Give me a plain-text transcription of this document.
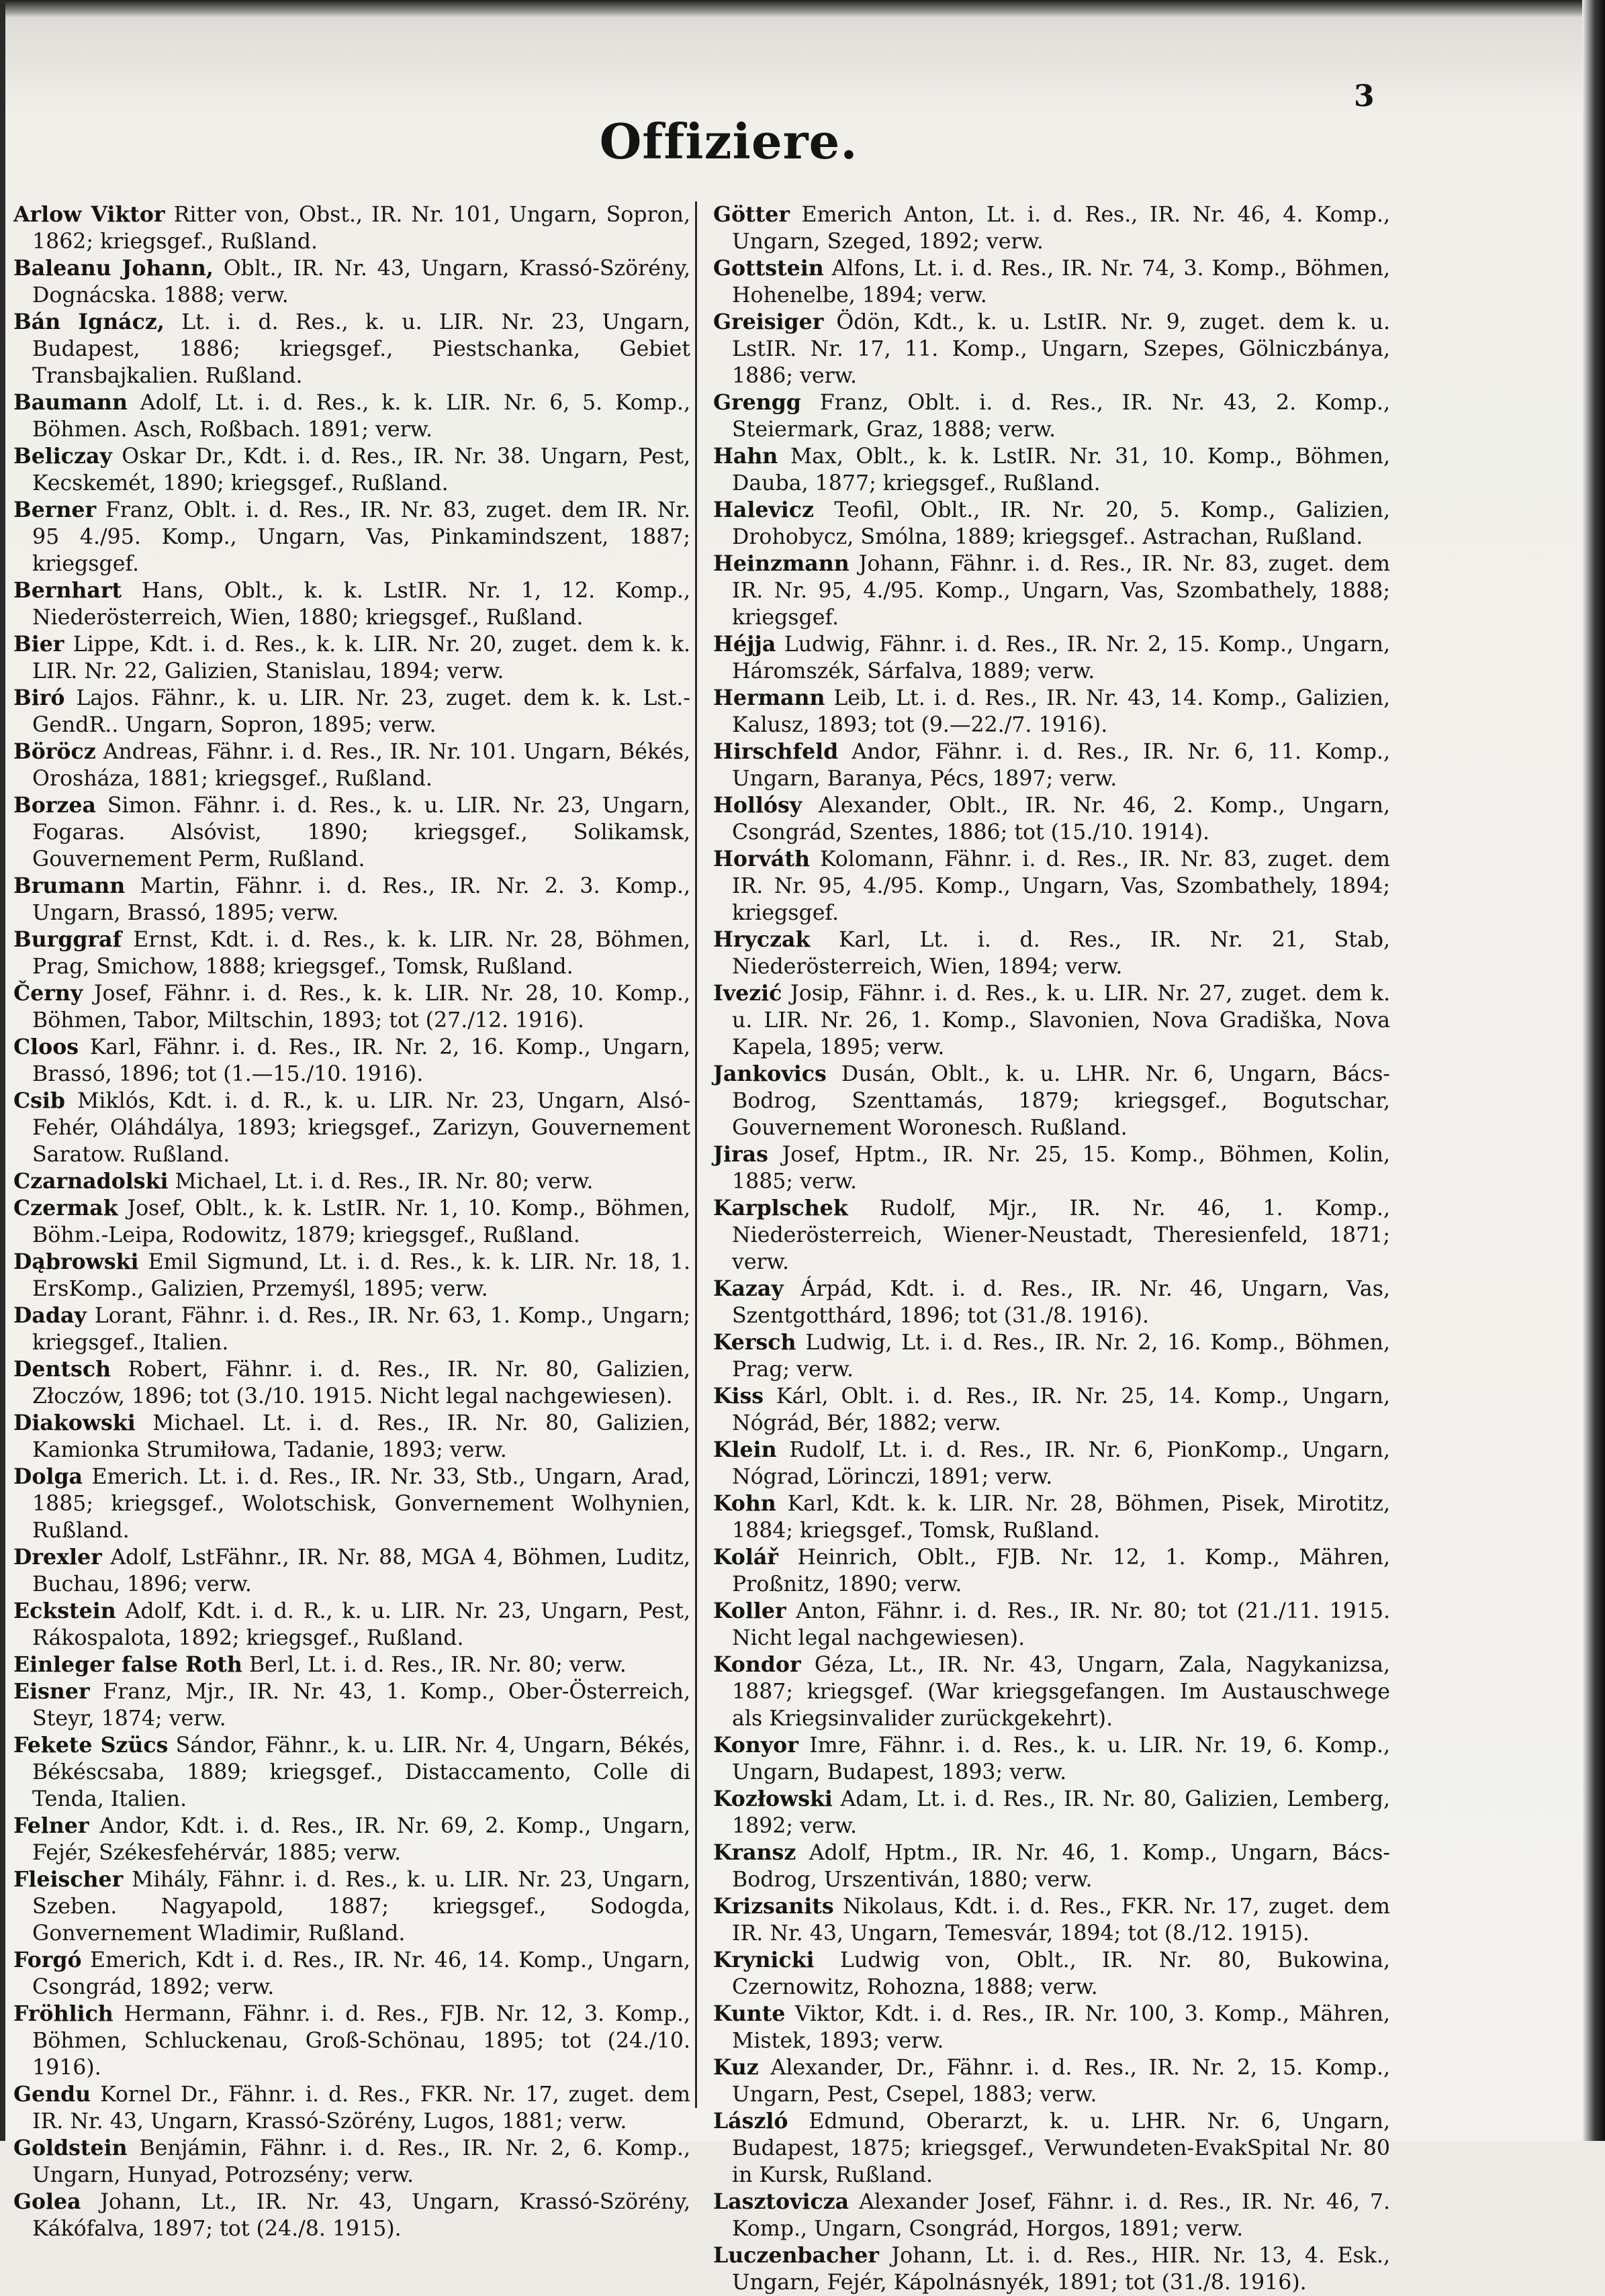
3
Offiziere.

Arlow Viktor Ritter von, Obst., IR. Nr. 101, Ungarn, Sopron, 1862; kriegsgef., Rußland.

Baleanu Johann, Oblt., IR. Nr. 43, Ungarn, Krassó-Szörény, Dognácska. 1888; verw.

Bán Ignácz, Lt. i. d. Res., k. u. LIR. Nr. 23, Ungarn, Budapest, 1886; kriegsgef., Piestschanka, Gebiet Transbajkalien. Rußland.

Baumann Adolf, Lt. i. d. Res., k. k. LIR. Nr. 6, 5. Komp., Böhmen. Asch, Roßbach. 1891; verw.

Beliczay Oskar Dr., Kdt. i. d. Res., IR. Nr. 38. Ungarn, Pest, Kecskemét, 1890; kriegsgef., Rußland.

Berner Franz, Oblt. i. d. Res., IR. Nr. 83, zuget. dem IR. Nr. 95 4./95. Komp., Ungarn, Vas, Pinkamindszent, 1887; kriegsgef.

Bernhart Hans, Oblt., k. k. LstIR. Nr. 1, 12. Komp., Niederösterreich, Wien, 1880; kriegsgef., Rußland.

Bier Lippe, Kdt. i. d. Res., k. k. LIR. Nr. 20, zuget. dem k. k. LIR. Nr. 22, Galizien, Stanislau, 1894; verw.

Biró Lajos. Fähnr., k. u. LIR. Nr. 23, zuget. dem k. k. Lst.-GendR.. Ungarn, Sopron, 1895; verw.

Böröcz Andreas, Fähnr. i. d. Res., IR. Nr. 101. Ungarn, Békés, Orosháza, 1881; kriegsgef., Rußland.

Borzea Simon. Fähnr. i. d. Res., k. u. LIR. Nr. 23, Ungarn, Fogaras. Alsóvist, 1890; kriegsgef., Solikamsk, Gouvernement Perm, Rußland.

Brumann Martin, Fähnr. i. d. Res., IR. Nr. 2. 3. Komp., Ungarn, Brassó, 1895; verw.

Burggraf Ernst, Kdt. i. d. Res., k. k. LIR. Nr. 28, Böhmen, Prag, Smichow, 1888; kriegsgef., Tomsk, Rußland.

Černy Josef, Fähnr. i. d. Res., k. k. LIR. Nr. 28, 10. Komp., Böhmen, Tabor, Miltschin, 1893; tot (27./12. 1916).

Cloos Karl, Fähnr. i. d. Res., IR. Nr. 2, 16. Komp., Ungarn, Brassó, 1896; tot (1.—15./10. 1916).

Csib Miklós, Kdt. i. d. R., k. u. LIR. Nr. 23, Ungarn, Alsó-Fehér, Oláhdálya, 1893; kriegsgef., Zarizyn, Gouvernement Saratow. Rußland.

Czarnadolski Michael, Lt. i. d. Res., IR. Nr. 80; verw.

Czermak Josef, Oblt., k. k. LstIR. Nr. 1, 10. Komp., Böhmen, Böhm.-Leipa, Rodowitz, 1879; kriegsgef., Rußland.

Dąbrowski Emil Sigmund, Lt. i. d. Res., k. k. LIR. Nr. 18, 1. ErsKomp., Galizien, Przemyśl, 1895; verw.

Daday Lorant, Fähnr. i. d. Res., IR. Nr. 63, 1. Komp., Ungarn; kriegsgef., Italien.

Dentsch Robert, Fähnr. i. d. Res., IR. Nr. 80, Galizien, Złoczów, 1896; tot (3./10. 1915. Nicht legal nachgewiesen).

Diakowski Michael. Lt. i. d. Res., IR. Nr. 80, Galizien, Kamionka Strumiłowa, Tadanie, 1893; verw.

Dolga Emerich. Lt. i. d. Res., IR. Nr. 33, Stb., Ungarn, Arad, 1885; kriegsgef., Wolotschisk, Gonvernement Wolhynien, Rußland.

Drexler Adolf, LstFähnr., IR. Nr. 88, MGA 4, Böhmen, Luditz, Buchau, 1896; verw.

Eckstein Adolf, Kdt. i. d. R., k. u. LIR. Nr. 23, Ungarn, Pest, Rákospalota, 1892; kriegsgef., Rußland.

Einleger false Roth Berl, Lt. i. d. Res., IR. Nr. 80; verw.

Eisner Franz, Mjr., IR. Nr. 43, 1. Komp., Ober-Österreich, Steyr, 1874; verw.

Fekete Szücs Sándor, Fähnr., k. u. LIR. Nr. 4, Ungarn, Békés, Békéscsaba, 1889; kriegsgef., Distaccamento, Colle di Tenda, Italien.

Felner Andor, Kdt. i. d. Res., IR. Nr. 69, 2. Komp., Ungarn, Fejér, Székesfehérvár, 1885; verw.

Fleischer Mihály, Fähnr. i. d. Res., k. u. LIR. Nr. 23, Ungarn, Szeben. Nagyapold, 1887; kriegsgef., Sodogda, Gonvernement Wladimir, Rußland.

Forgó Emerich, Kdt i. d. Res., IR. Nr. 46, 14. Komp., Ungarn, Csongrád, 1892; verw.

Fröhlich Hermann, Fähnr. i. d. Res., FJB. Nr. 12, 3. Komp., Böhmen, Schluckenau, Groß-Schönau, 1895; tot (24./10. 1916).

Gendu Kornel Dr., Fähnr. i. d. Res., FKR. Nr. 17, zuget. dem IR. Nr. 43, Ungarn, Krassó-Szörény, Lugos, 1881; verw.

Goldstein Benjámin, Fähnr. i. d. Res., IR. Nr. 2, 6. Komp., Ungarn, Hunyad, Potrozsény; verw.

Golea Johann, Lt., IR. Nr. 43, Ungarn, Krassó-Szörény, Kákófalva, 1897; tot (24./8. 1915).

Götter Emerich Anton, Lt. i. d. Res., IR. Nr. 46, 4. Komp., Ungarn, Szeged, 1892; verw.

Gottstein Alfons, Lt. i. d. Res., IR. Nr. 74, 3. Komp., Böhmen, Hohenelbe, 1894; verw.

Greisiger Ödön, Kdt., k. u. LstIR. Nr. 9, zuget. dem k. u. LstIR. Nr. 17, 11. Komp., Ungarn, Szepes, Gölniczbánya, 1886; verw.

Grengg Franz, Oblt. i. d. Res., IR. Nr. 43, 2. Komp., Steiermark, Graz, 1888; verw.

Hahn Max, Oblt., k. k. LstIR. Nr. 31, 10. Komp., Böhmen, Dauba, 1877; kriegsgef., Rußland.

Halevicz Teofil, Oblt., IR. Nr. 20, 5. Komp., Galizien, Drohobycz, Smólna, 1889; kriegsgef.. Astrachan, Rußland.

Heinzmann Johann, Fähnr. i. d. Res., IR. Nr. 83, zuget. dem IR. Nr. 95, 4./95. Komp., Ungarn, Vas, Szombathely, 1888; kriegsgef.

Héjja Ludwig, Fähnr. i. d. Res., IR. Nr. 2, 15. Komp., Ungarn, Háromszék, Sárfalva, 1889; verw.

Hermann Leib, Lt. i. d. Res., IR. Nr. 43, 14. Komp., Galizien, Kalusz, 1893; tot (9.—22./7. 1916).

Hirschfeld Andor, Fähnr. i. d. Res., IR. Nr. 6, 11. Komp., Ungarn, Baranya, Pécs, 1897; verw.

Hollósy Alexander, Oblt., IR. Nr. 46, 2. Komp., Ungarn, Csongrád, Szentes, 1886; tot (15./10. 1914).

Horváth Kolomann, Fähnr. i. d. Res., IR. Nr. 83, zuget. dem IR. Nr. 95, 4./95. Komp., Ungarn, Vas, Szombathely, 1894; kriegsgef.

Hryczak Karl, Lt. i. d. Res., IR. Nr. 21, Stab, Niederösterreich, Wien, 1894; verw.

Ivezić Josip, Fähnr. i. d. Res., k. u. LIR. Nr. 27, zuget. dem k. u. LIR. Nr. 26, 1. Komp., Slavonien, Nova Gradiška, Nova Kapela, 1895; verw.

Jankovics Dusán, Oblt., k. u. LHR. Nr. 6, Ungarn, Bács-Bodrog, Szenttamás, 1879; kriegsgef., Bogutschar, Gouvernement Woronesch. Rußland.

Jiras Josef, Hptm., IR. Nr. 25, 15. Komp., Böhmen, Kolin, 1885; verw.

Karplschek Rudolf, Mjr., IR. Nr. 46, 1. Komp., Niederösterreich, Wiener-Neustadt, Theresienfeld, 1871; verw.

Kazay Árpád, Kdt. i. d. Res., IR. Nr. 46, Ungarn, Vas, Szentgotthárd, 1896; tot (31./8. 1916).

Kersch Ludwig, Lt. i. d. Res., IR. Nr. 2, 16. Komp., Böhmen, Prag; verw.

Kiss Kárl, Oblt. i. d. Res., IR. Nr. 25, 14. Komp., Ungarn, Nógrád, Bér, 1882; verw.

Klein Rudolf, Lt. i. d. Res., IR. Nr. 6, PionKomp., Ungarn, Nógrad, Lörinczi, 1891; verw.

Kohn Karl, Kdt. k. k. LIR. Nr. 28, Böhmen, Pisek, Mirotitz, 1884; kriegsgef., Tomsk, Rußland.

Kolář Heinrich, Oblt., FJB. Nr. 12, 1. Komp., Mähren, Proßnitz, 1890; verw.

Koller Anton, Fähnr. i. d. Res., IR. Nr. 80; tot (21./11. 1915. Nicht legal nachgewiesen).

Kondor Géza, Lt., IR. Nr. 43, Ungarn, Zala, Nagykanizsa, 1887; kriegsgef. (War kriegsgefangen. Im Austauschwege als Kriegsinvalider zurückgekehrt).

Konyor Imre, Fähnr. i. d. Res., k. u. LIR. Nr. 19, 6. Komp., Ungarn, Budapest, 1893; verw.

Kozłowski Adam, Lt. i. d. Res., IR. Nr. 80, Galizien, Lemberg, 1892; verw.

Kransz Adolf, Hptm., IR. Nr. 46, 1. Komp., Ungarn, Bács-Bodrog, Urszentiván, 1880; verw.

Krizsanits Nikolaus, Kdt. i. d. Res., FKR. Nr. 17, zuget. dem IR. Nr. 43, Ungarn, Temesvár, 1894; tot (8./12. 1915).

Krynicki Ludwig von, Oblt., IR. Nr. 80, Bukowina, Czernowitz, Rohozna, 1888; verw.

Kunte Viktor, Kdt. i. d. Res., IR. Nr. 100, 3. Komp., Mähren, Mistek, 1893; verw.

Kuz Alexander, Dr., Fähnr. i. d. Res., IR. Nr. 2, 15. Komp., Ungarn, Pest, Csepel, 1883; verw.

László Edmund, Oberarzt, k. u. LHR. Nr. 6, Ungarn, Budapest, 1875; kriegsgef., Verwundeten-EvakSpital Nr. 80 in Kursk, Rußland.

Lasztovicza Alexander Josef, Fähnr. i. d. Res., IR. Nr. 46, 7. Komp., Ungarn, Csongrád, Horgos, 1891; verw.

Luczenbacher Johann, Lt. i. d. Res., HIR. Nr. 13, 4. Esk., Ungarn, Fejér, Kápolnásnyék, 1891; tot (31./8. 1916).
